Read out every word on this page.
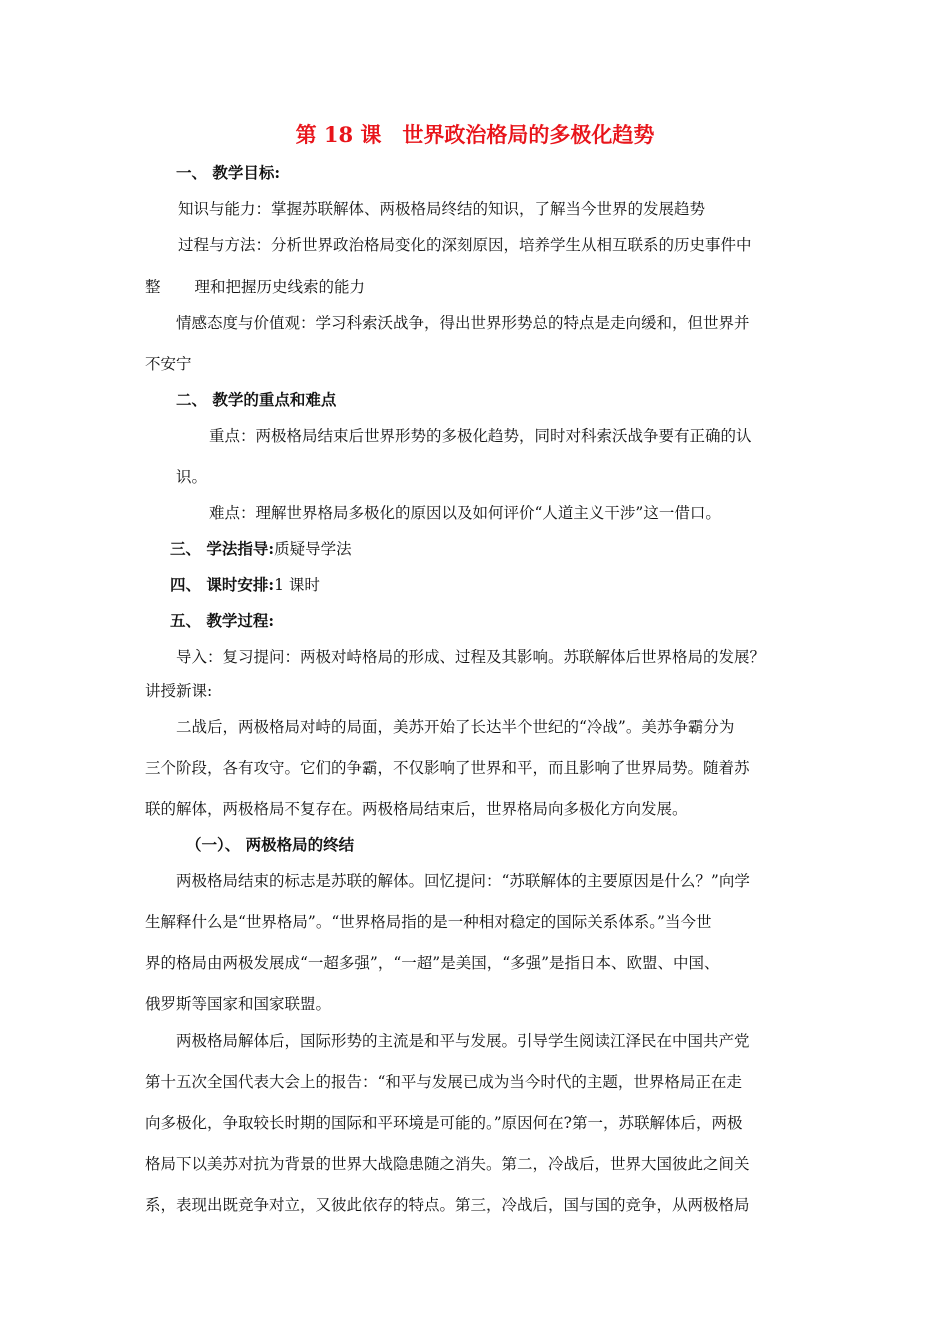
第 18 课　世界政治格局的多极化趋势
一、 教学目标:
知识与能力：掌握苏联解体、两极格局终结的知识，了解当今世界的发展趋势
过程与方法：分析世界政治格局变化的深刻原因，培养学生从相互联系的历史事件中
整 理和把握历史线索的能力
情感态度与价值观：学习科索沃战争，得出世界形势总的特点是走向缓和，但世界并
不安宁
二、 教学的重点和难点
重点：两极格局结束后世界形势的多极化趋势，同时对科索沃战争要有正确的认
识。
难点：理解世界格局多极化的原因以及如何评价“人道主义干涉”这一借口。
三、 学法指导:质疑导学法
四、 课时安排:1 课时
五、 教学过程:
导入：复习提问：两极对峙格局的形成、过程及其影响。苏联解体后世界格局的发展？
讲授新课:
二战后，两极格局对峙的局面，美苏开始了长达半个世纪的“冷战”。美苏争霸分为
三个阶段，各有攻守。它们的争霸，不仅影响了世界和平，而且影响了世界局势。随着苏
联的解体，两极格局不复存在。两极格局结束后，世界格局向多极化方向发展。
（一）、 两极格局的终结
两极格局结束的标志是苏联的解体。回忆提问：“苏联解体的主要原因是什么？”向学
生解释什么是“世界格局”。“世界格局指的是一种相对稳定的国际关系体系。”当今世
界的格局由两极发展成“一超多强”，“一超”是美国，“多强”是指日本、欧盟、中国、
俄罗斯等国家和国家联盟。
两极格局解体后，国际形势的主流是和平与发展。引导学生阅读江泽民在中国共产党
第十五次全国代表大会上的报告：“和平与发展已成为当今时代的主题，世界格局正在走
向多极化，争取较长时期的国际和平环境是可能的。”原因何在?第一，苏联解体后，两极
格局下以美苏对抗为背景的世界大战隐患随之消失。第二，冷战后，世界大国彼此之间关
系，表现出既竞争对立，又彼此依存的特点。第三，冷战后，国与国的竞争，从两极格局
